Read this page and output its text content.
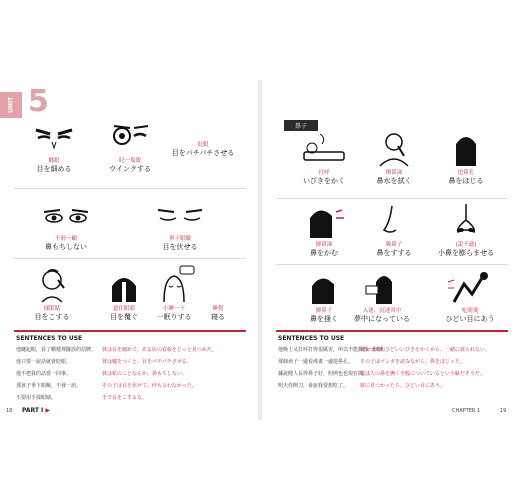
UNIT 5
瞇眼
目を細める
眨一隻眼
ウインクする
眨眼
目をパチパチさせる
不屑一顧
鼻もちしない
垂下眼瞼
目を伏せる
揉眼睛
目をこする
遮住眼睛
目を覆ぐ
小睡一下
一眠りする
睡覺
寝る
SENTENCES TO USE
他瞇起眼，看了櫃檯裡擺放的招牌。 彼は目を細めて、ある店の看板をじっと見つめた。
他只要一說話就會眨眼。	彼は嘘をつくと、目をパチパチさせる。
他不把我的話當一回事。	彼は私のことなんか、鼻もちしない。
那孩子垂下眼瞼，不發一語。	その子は目を伏せて、何も言わなかった。
不要用手揉眼睛。	手で目をこするな。
18 PART I ▶
鼻子
打呼
いびきをかく
擤鼻涕
鼻水を拭く
挖鼻孔
鼻をほじる
擤鼻涕
鼻をかむ
吸鼻子
鼻をすする
(說不過)
小鼻を膨らませる
擤鼻子
鼻を掻く
入迷、沉迷其中
夢中になっている
吃閉羹
ひどい目にあう
SENTENCES TO USE
他晚上又打呼打得很厲害，所以不能靜靜一個睡。彼女は夫がひどいいびきをかくから、一緒に寝られない。
那個孩子一邊看漫畫一邊挖鼻孔。 その子はマンガを読みながら、鼻をほじった。
據說健人長得鼻子好，照例也也現在問。彼は人の鼻を撫く全般についているという癖だそうだ。
明天你開刀，會說我要想吃了。 彼に見つかったら、ひどい目にあう。
CHAPTER 1	19
